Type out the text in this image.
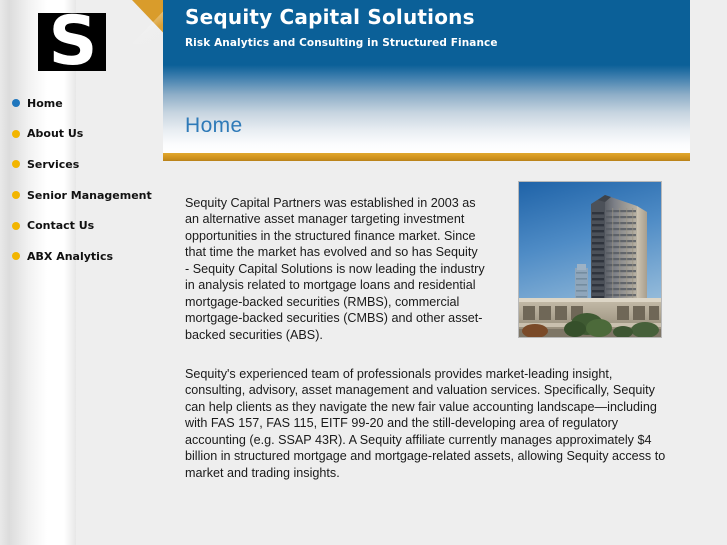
S	Sequity Capital Solutions
Risk Analytics and Consulting in Structured Finance
Home
Home
About Us
Services
Senior Management
Contact Us
ABX Analytics

Sequity Capital Partners was established in 2003 as an alternative asset manager targeting investment opportunities in the structured finance market. Since that time the market has evolved and so has Sequity - Sequity Capital Solutions is now leading the industry in analysis related to mortgage loans and residential mortgage-backed securities (RMBS), commercial mortgage-backed securities (CMBS) and other asset-backed securities (ABS).

Sequity's experienced team of professionals provides market-leading insight, consulting, advisory, asset management and valuation services. Specifically, Sequity can help clients as they navigate the new fair value accounting landscape—including with FAS 157, FAS 115, EITF 99-20 and the still-developing area of regulatory accounting (e.g. SSAP 43R). A Sequity affiliate currently manages approximately $4 billion in structured mortgage and mortgage-related assets, allowing Sequity access to market and trading insights.
